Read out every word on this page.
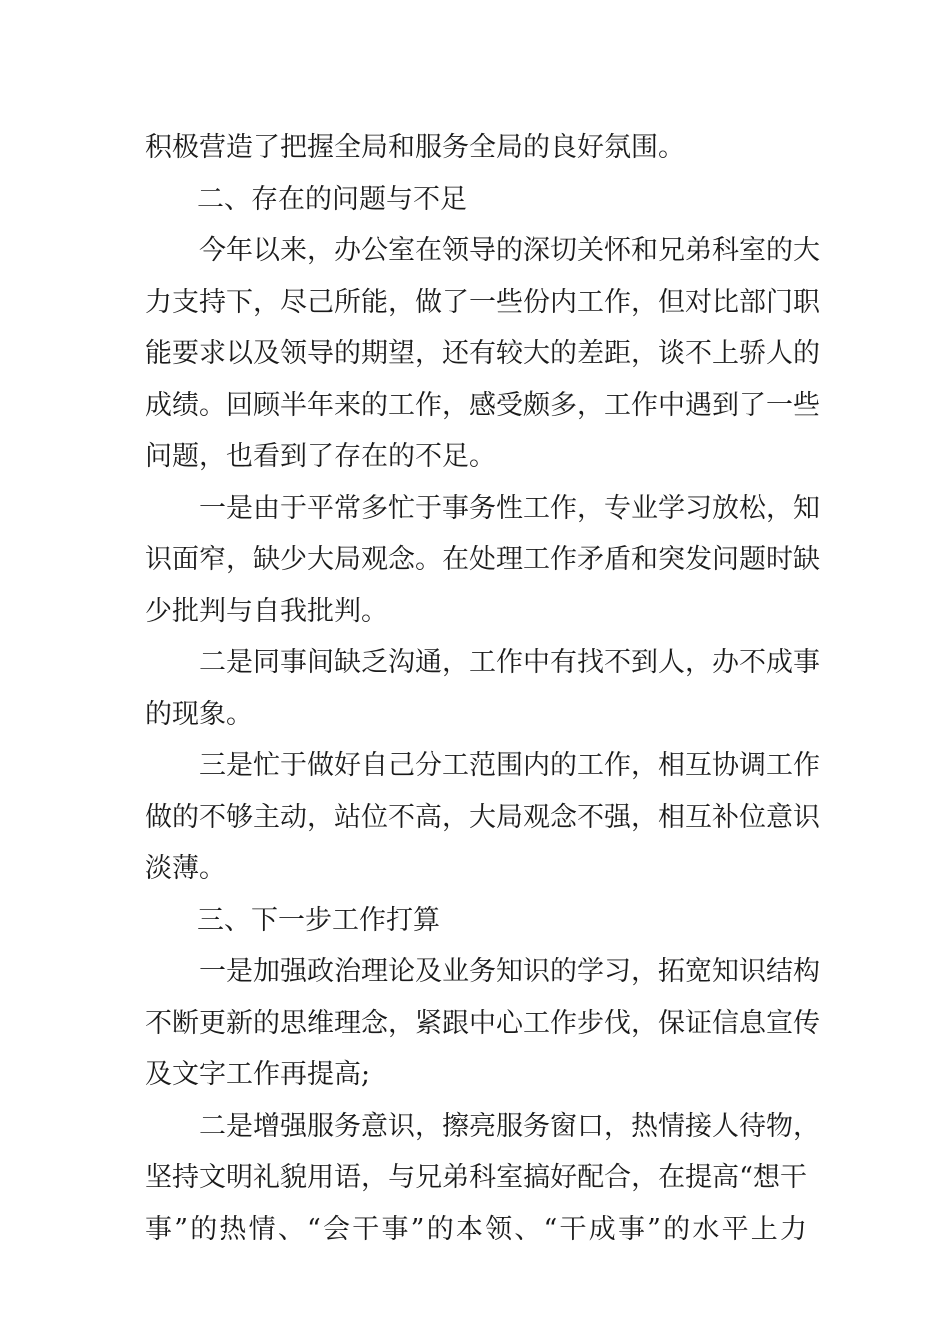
积极营造了把握全局和服务全局的良好氛围。
二、存在的问题与不足
今年以来，办公室在领导的深切关怀和兄弟科室的大
力支持下，尽己所能，做了一些份内工作，但对比部门职
能要求以及领导的期望，还有较大的差距，谈不上骄人的
成绩。回顾半年来的工作，感受颇多，工作中遇到了一些
问题，也看到了存在的不足。
一是由于平常多忙于事务性工作，专业学习放松，知
识面窄，缺少大局观念。在处理工作矛盾和突发问题时缺
少批判与自我批判。
二是同事间缺乏沟通，工作中有找不到人，办不成事
的现象。
三是忙于做好自己分工范围内的工作，相互协调工作
做的不够主动，站位不高，大局观念不强，相互补位意识
淡薄。
三、下一步工作打算
一是加强政治理论及业务知识的学习，拓宽知识结构
不断更新的思维理念，紧跟中心工作步伐，保证信息宣传
及文字工作再提高;
二是增强服务意识，擦亮服务窗口，热情接人待物，
坚持文明礼貌用语，与兄弟科室搞好配合，在提高“想干
事”的热情、“会干事”的本领、“干成事”的水平上力
